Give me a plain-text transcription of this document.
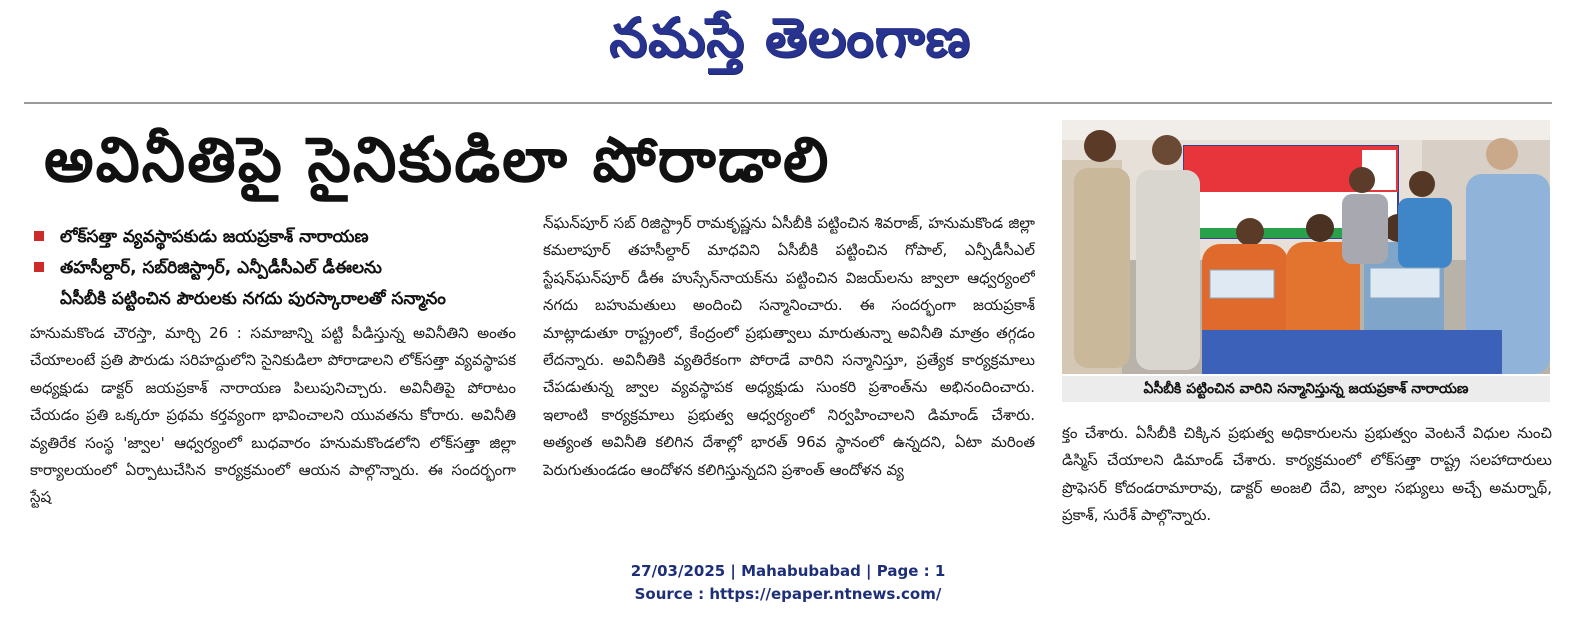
నమస్తే తెలంగాణ
అవినీతిపై సైనికుడిలా పోరాడాలి
లోక్‌సత్తా వ్యవస్థాపకుడు జయప్రకాశ్ నారాయణ
తహసీల్దార్, సబ్‌రిజిస్ట్రార్, ఎన్పీడీసీఎల్ డీఈలను
ఏసీబీకి పట్టించిన పౌరులకు నగదు పురస్కారాలతో సన్మానం
హనుమకొండ చౌరస్తా, మార్చి 26 : సమాజాన్ని పట్టి పీడిస్తున్న అవినీతిని అంతం చేయాలంటే ప్రతి పౌరుడు సరిహద్దులోని సైనికుడిలా పోరాడాలని లోక్‌సత్తా వ్యవస్థాపక అధ్యక్షుడు డాక్టర్ జయప్రకాశ్ నారాయణ పిలుపునిచ్చారు. అవినీతిపై పోరాటం చేయడం ప్రతి ఒక్కరూ ప్రథమ కర్తవ్యంగా భావించాలని యువతను కోరారు. అవినీతి వ్యతిరేక సంస్థ 'జ్వాల' ఆధ్వర్యంలో బుధవారం హనుమకొండలోని లోక్‌సత్తా జిల్లా కార్యాలయంలో ఏర్పాటుచేసిన కార్యక్రమంలో ఆయన పాల్గొన్నారు. ఈ సందర్భంగా స్టేష
న్‌ఘన్‌పూర్ సబ్ రిజిస్ట్రార్ రామకృష్ణను ఏసీబీకి పట్టించిన శివరాజ్, హనుమకొండ జిల్లా కమలాపూర్ తహసీల్దార్ మాధవిని ఏసీబీకి పట్టించిన గోపాల్, ఎన్పీడీసీఎల్ స్టేషన్‌ఘన్‌పూర్ డీఈ హుస్సేన్‌నాయక్‌ను పట్టించిన విజయ్‌లను జ్వాలా ఆధ్వర్యంలో నగదు బహుమతులు అందించి సన్మానించారు. ఈ సందర్భంగా జయప్రకాశ్ మాట్లాడుతూ రాష్ట్రంలో, కేంద్రంలో ప్రభుత్వాలు మారుతున్నా అవినీతి మాత్రం తగ్గడం లేదన్నారు. అవినీతికి వ్యతిరేకంగా పోరాడే వారిని సన్మానిస్తూ, ప్రత్యేక కార్యక్రమాలు చేపడుతున్న జ్వాల వ్యవస్థాపక అధ్యక్షుడు సుంకరి ప్రశాంత్‌ను అభినందించారు. ఇలాంటి కార్యక్రమాలు ప్రభుత్వ ఆధ్వర్యంలో నిర్వహించాలని డిమాండ్ చేశారు. అత్యంత అవినీతి కలిగిన దేశాల్లో భారత్ 96వ స్థానంలో ఉన్నదని, ఏటా మరింత పెరుగుతుండడం ఆందోళన కలిగిస్తున్నదని ప్రశాంత్ ఆందోళన వ్య
ఏసీబీకి పట్టించిన వారిని సన్మానిస్తున్న జయప్రకాశ్ నారాయణ
క్తం చేశారు. ఏసీబీకి చిక్కిన ప్రభుత్వ అధికారులను ప్రభుత్వం వెంటనే విధుల నుంచి డిస్మిస్ చేయాలని డిమాండ్ చేశారు. కార్యక్రమంలో లోక్‌సత్తా రాష్ట్ర సలహాదారులు ప్రొఫెసర్ కోదండరామారావు, డాక్టర్ అంజలి దేవి, జ్వాల సభ్యులు అచ్చే అమర్నాథ్, ప్రకాశ్, సురేశ్ పాల్గొన్నారు.
27/03/2025 | Mahabubabad | Page : 1
Source : https://epaper.ntnews.com/
